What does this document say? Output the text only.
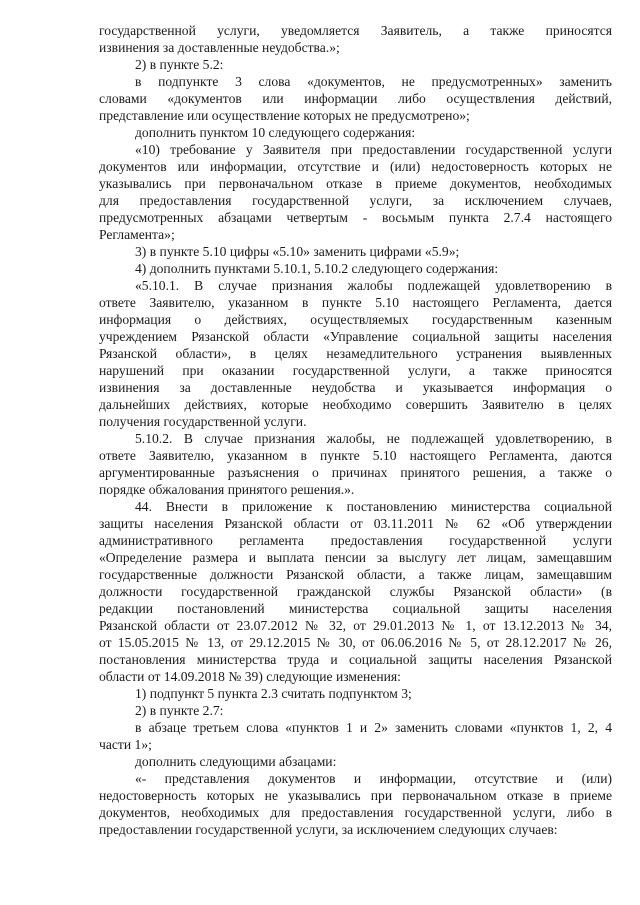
государственной услуги, уведомляется Заявитель, а также приносятся
извинения за доставленные неудобства.»;
2) в пункте 5.2:
в подпункте 3 слова «документов, не предусмотренных» заменить
словами «документов или информации либо осуществления действий,
представление или осуществление которых не предусмотрено»;
дополнить пунктом 10 следующего содержания:
«10) требование у Заявителя при предоставлении государственной услуги
документов или информации, отсутствие и (или) недостоверность которых не
указывались при первоначальном отказе в приеме документов, необходимых
для предоставления государственной услуги, за исключением случаев,
предусмотренных абзацами четвертым - восьмым пункта 2.7.4 настоящего
Регламента»;
3) в пункте 5.10 цифры «5.10» заменить цифрами «5.9»;
4) дополнить пунктами 5.10.1, 5.10.2 следующего содержания:
«5.10.1. В случае признания жалобы подлежащей удовлетворению в
ответе Заявителю, указанном в пункте 5.10 настоящего Регламента, дается
информация о действиях, осуществляемых государственным казенным
учреждением Рязанской области «Управление социальной защиты населения
Рязанской области», в целях незамедлительного устранения выявленных
нарушений при оказании государственной услуги, а также приносятся
извинения за доставленные неудобства и указывается информация о
дальнейших действиях, которые необходимо совершить Заявителю в целях
получения государственной услуги.
5.10.2. В случае признания жалобы, не подлежащей удовлетворению, в
ответе Заявителю, указанном в пункте 5.10 настоящего Регламента, даются
аргументированные разъяснения о причинах принятого решения, а также о
порядке обжалования принятого решения.».
44. Внести в приложение к постановлению министерства социальной
защиты населения Рязанской области от 03.11.2011 № 62 «Об утверждении
административного регламента предоставления государственной услуги
«Определение размера и выплата пенсии за выслугу лет лицам, замещавшим
государственные должности Рязанской области, а также лицам, замещавшим
должности государственной гражданской службы Рязанской области» (в
редакции постановлений министерства социальной защиты населения
Рязанской области от 23.07.2012 № 32, от 29.01.2013 № 1, от 13.12.2013 № 34,
от 15.05.2015 № 13, от 29.12.2015 № 30, от 06.06.2016 № 5, от 28.12.2017 № 26,
постановления министерства труда и социальной защиты населения Рязанской
области от 14.09.2018 № 39) следующие изменения:
1) подпункт 5 пункта 2.3 считать подпунктом 3;
2) в пункте 2.7:
в абзаце третьем слова «пунктов 1 и 2» заменить словами «пунктов 1, 2, 4
части 1»;
дополнить следующими абзацами:
«- представления документов и информации, отсутствие и (или)
недостоверность которых не указывались при первоначальном отказе в приеме
документов, необходимых для предоставления государственной услуги, либо в
предоставлении государственной услуги, за исключением следующих случаев:
